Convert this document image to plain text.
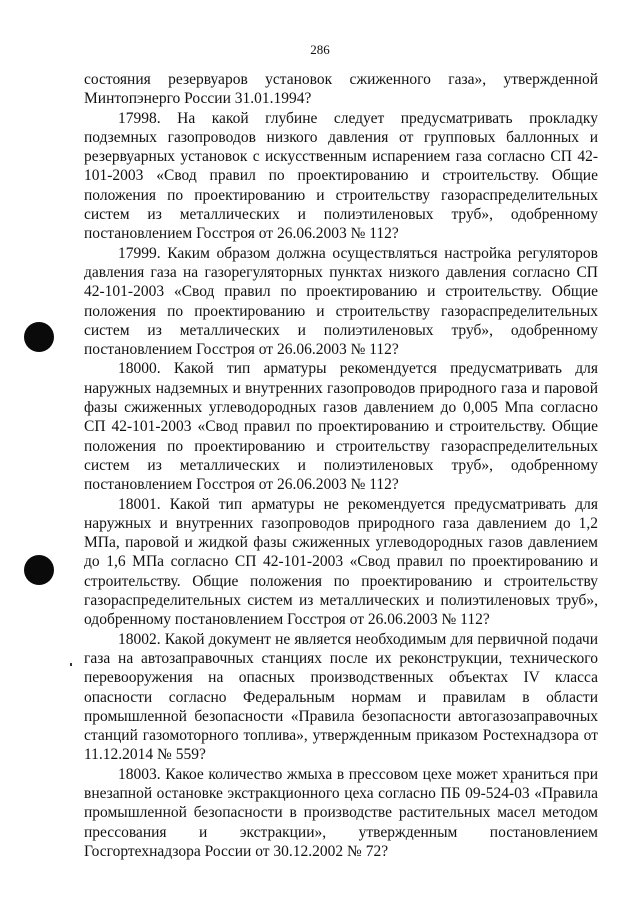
286

состояния резервуаров установок сжиженного газа», утвержденной Минтопэнерго России 31.01.1994?

17998. На какой глубине следует предусматривать прокладку подземных газопроводов низкого давления от групповых баллонных и резервуарных установок с искусственным испарением газа согласно СП 42-101-2003 «Свод правил по проектированию и строительству. Общие положения по проектированию и строительству газораспределительных систем из металлических и полиэтиленовых труб», одобренному постановлением Госстроя от 26.06.2003 № 112?

17999. Каким образом должна осуществляться настройка регуляторов давления газа на газорегуляторных пунктах низкого давления согласно СП 42-101-2003 «Свод правил по проектированию и строительству. Общие положения по проектированию и строительству газораспределительных систем из металлических и полиэтиленовых труб», одобренному постановлением Госстроя от 26.06.2003 № 112?

18000. Какой тип арматуры рекомендуется предусматривать для наружных надземных и внутренних газопроводов природного газа и паровой фазы сжиженных углеводородных газов давлением до 0,005 Мпа согласно СП 42-101-2003 «Свод правил по проектированию и строительству. Общие положения по проектированию и строительству газораспределительных систем из металлических и полиэтиленовых труб», одобренному постановлением Госстроя от 26.06.2003 № 112?

18001. Какой тип арматуры не рекомендуется предусматривать для наружных и внутренних газопроводов природного газа давлением до 1,2 МПа, паровой и жидкой фазы сжиженных углеводородных газов давлением до 1,6 МПа согласно СП 42-101-2003 «Свод правил по проектированию и строительству. Общие положения по проектированию и строительству газораспределительных систем из металлических и полиэтиленовых труб», одобренному постановлением Госстроя от 26.06.2003 № 112?

18002. Какой документ не является необходимым для первичной подачи газа на автозаправочных станциях после их реконструкции, технического перевооружения на опасных производственных объектах IV класса опасности согласно Федеральным нормам и правилам в области промышленной безопасности «Правила безопасности автогазозаправочных станций газомоторного топлива», утвержденным приказом Ростехнадзора от 11.12.2014 № 559?

18003. Какое количество жмыха в прессовом цехе может храниться при внезапной остановке экстракционного цеха согласно ПБ 09-524-03 «Правила промышленной безопасности в производстве растительных масел методом прессования и экстракции», утвержденным постановлением Госгортехнадзора России от 30.12.2002 № 72?
